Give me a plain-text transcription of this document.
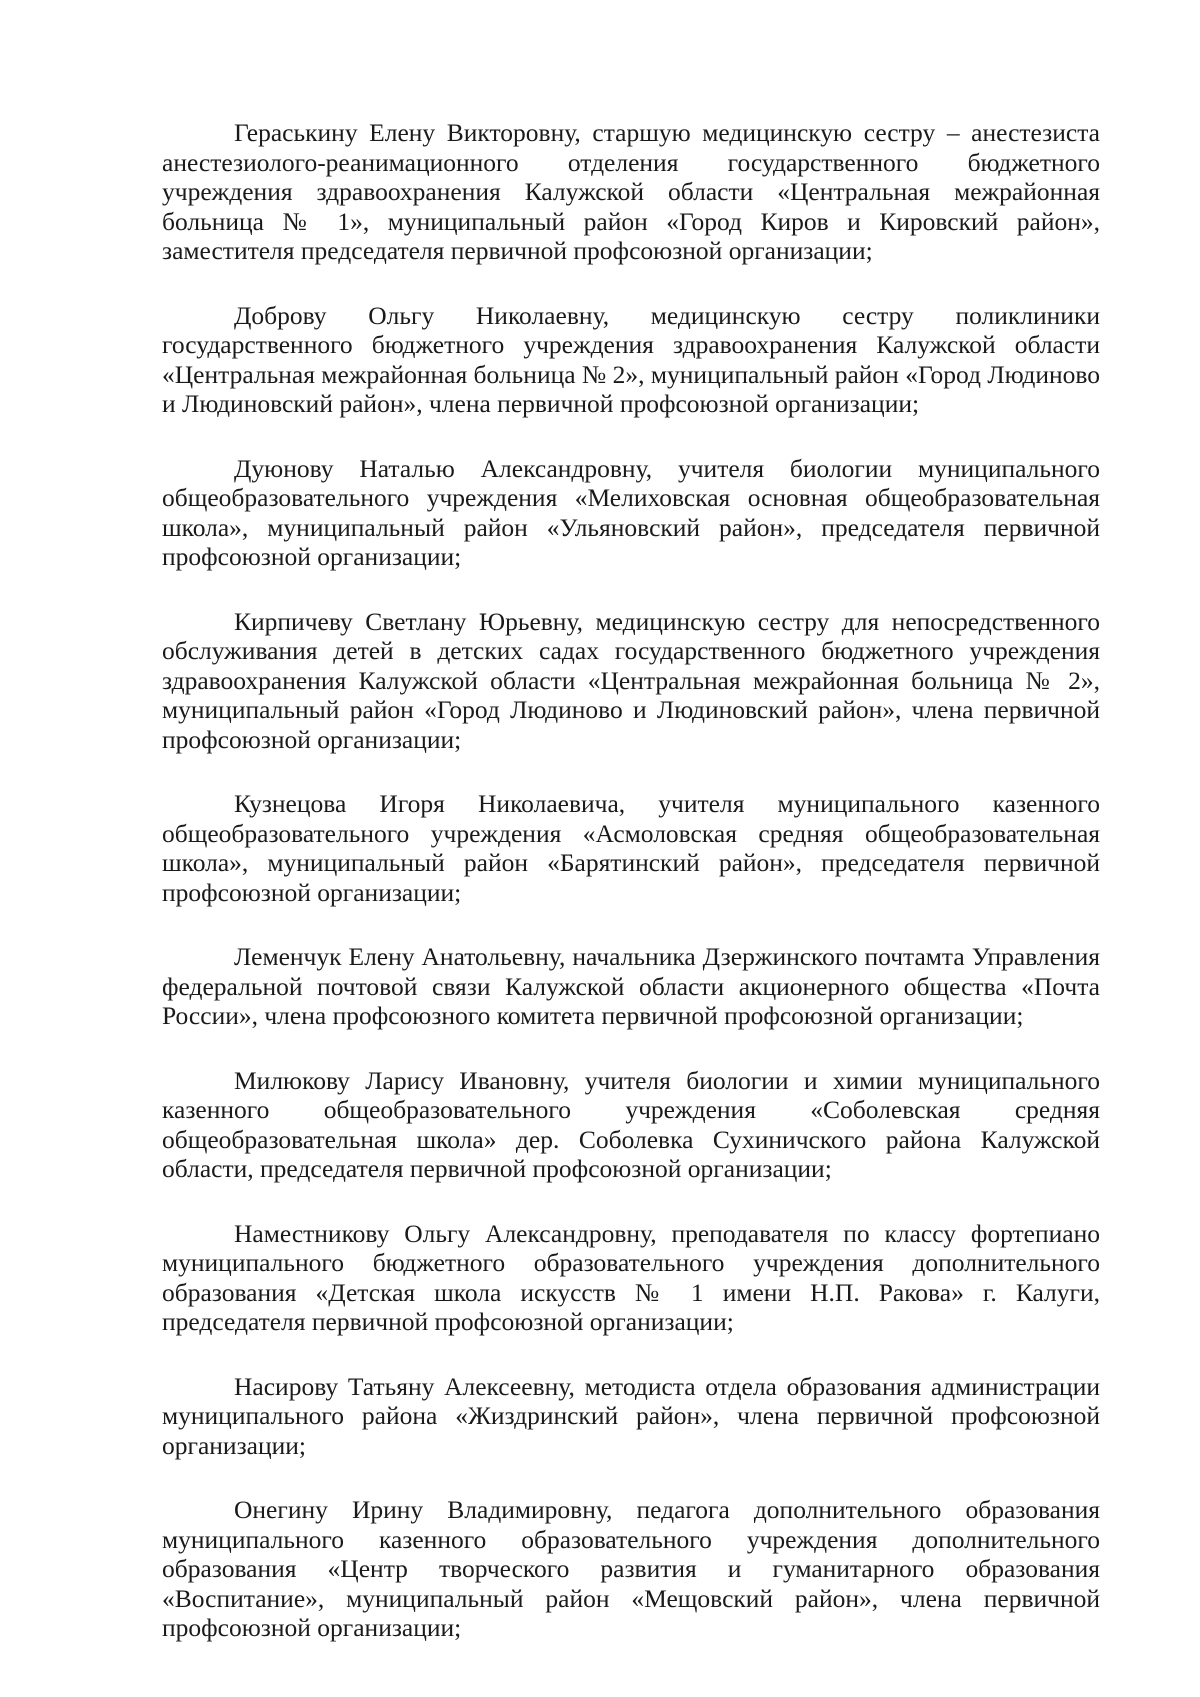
Гераськину Елену Викторовну, старшую медицинскую сестру – анестезиста анестезиолого-реанимационного отделения государственного бюджетного учреждения здравоохранения Калужской области «Центральная межрайонная больница № 1», муниципальный район «Город Киров и Кировский район», заместителя председателя первичной профсоюзной организации;

Доброву Ольгу Николаевну, медицинскую сестру поликлиники государственного бюджетного учреждения здравоохранения Калужской области «Центральная межрайонная больница № 2», муниципальный район «Город Людиново и Людиновский район», члена первичной профсоюзной организации;

Дуюнову Наталью Александровну, учителя биологии муниципального общеобразовательного учреждения «Мелиховская основная общеобразовательная школа», муниципальный район «Ульяновский район», председателя первичной профсоюзной организации;

Кирпичеву Светлану Юрьевну, медицинскую сестру для непосредственного обслуживания детей в детских садах государственного бюджетного учреждения здравоохранения Калужской области «Центральная межрайонная больница № 2», муниципальный район «Город Людиново и Людиновский район», члена первичной профсоюзной организации;

Кузнецова Игоря Николаевича, учителя муниципального казенного общеобразовательного учреждения «Асмоловская средняя общеобразовательная школа», муниципальный район «Барятинский район», председателя первичной профсоюзной организации;

Леменчук Елену Анатольевну, начальника Дзержинского почтамта Управления федеральной почтовой связи Калужской области акционерного общества «Почта России», члена профсоюзного комитета первичной профсоюзной организации;

Милюкову Ларису Ивановну, учителя биологии и химии муниципального казенного общеобразовательного учреждения «Соболевская средняя общеобразовательная школа» дер. Соболевка Сухиничского района Калужской области, председателя первичной профсоюзной организации;

Наместникову Ольгу Александровну, преподавателя по классу фортепиано муниципального бюджетного образовательного учреждения дополнительного образования «Детская школа искусств № 1 имени Н.П. Ракова» г. Калуги, председателя первичной профсоюзной организации;

Насирову Татьяну Алексеевну, методиста отдела образования администрации муниципального района «Жиздринский район», члена первичной профсоюзной организации;

Онегину Ирину Владимировну, педагога дополнительного образования муниципального казенного образовательного учреждения дополнительного образования «Центр творческого развития и гуманитарного образования «Воспитание», муниципальный район «Мещовский район», члена первичной профсоюзной организации;
